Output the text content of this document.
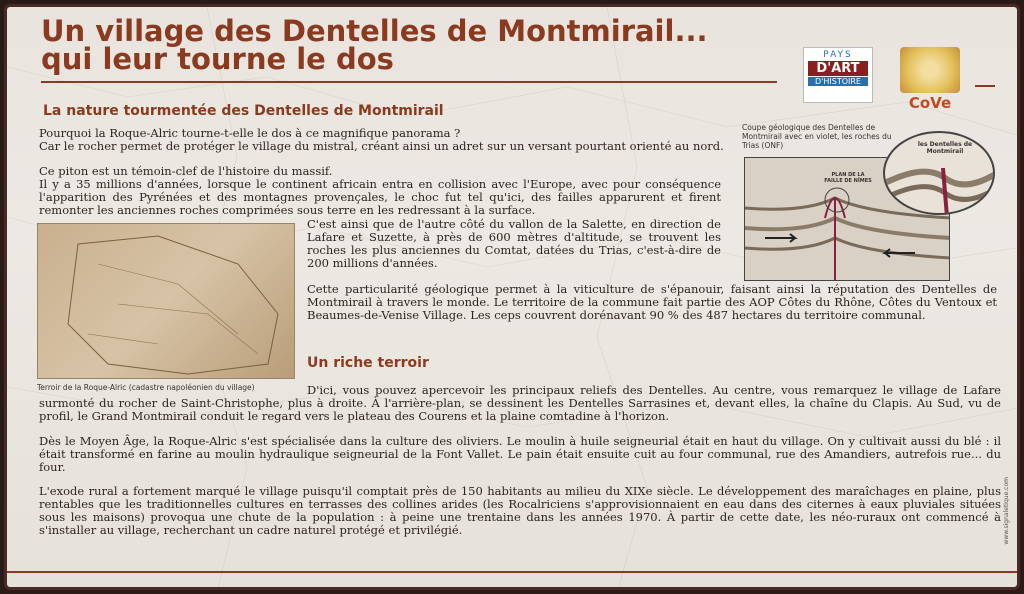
Un village des Dentelles de Montmirail...
qui leur tourne le dos	PAYS
D'ART
D'HISTOIRE
CoVe
La nature tourmentée des Dentelles de Montmirail
Pourquoi la Roque-Alric tourne-t-elle le dos à ce magnifique panorama ?
Car le rocher permet de protéger le village du mistral, créant ainsi un adret sur un versant pourtant orienté au nord.
Ce piton est un témoin-clef de l'histoire du massif.
Il y a 35 millions d'années, lorsque le continent africain entra en collision avec l'Europe, avec pour conséquence l'apparition des Pyrénées et des montagnes provençales, le choc fut tel qu'ici, des failles apparurent et firent remonter les anciennes roches comprimées sous terre en les redressant à la surface.
C'est ainsi que de l'autre côté du vallon de la Salette, en direction de Lafare et Suzette, à près de 600 mètres d'altitude, se trouvent les roches les plus anciennes du Comtat, datées du Trias, c'est-à-dire de 200 millions d'années.
Cette particularité géologique permet à la viticulture de s'épanouir, faisant ainsi la réputation des Dentelles de Montmirail à travers le monde. Le territoire de la commune fait partie des AOP Côtes du Rhône, Côtes du Ventoux et Beaumes-de-Venise Village. Les ceps couvrent dorénavant 90 % des 487 hectares du territoire communal.
Terroir de la Roque-Alric (cadastre napoléonien du village)
Coupe géologique des Dentelles de Montmirail avec en violet, les roches du Trias (ONF)
PLAN DE LA FAILLE DE NÎMES
les Dentelles de Montmirail
Un riche terroir
D'ici, vous pouvez apercevoir les principaux reliefs des Dentelles. Au centre, vous remarquez le village de Lafare surmonté du rocher de Saint-Christophe, plus à droite. À l'arrière-plan, se dessinent les Dentelles Sarrasines et, devant elles, la chaîne du Clapis. Au Sud, vu de profil, le Grand Montmirail conduit le regard vers le plateau des Courens et la plaine comtadine à l'horizon.
Dès le Moyen Âge, la Roque-Alric s'est spécialisée dans la culture des oliviers. Le moulin à huile seigneurial était en haut du village. On y cultivait aussi du blé : il était transformé en farine au moulin hydraulique seigneurial de la Font Vallet. Le pain était ensuite cuit au four communal, rue des Amandiers, autrefois rue... du four.
L'exode rural a fortement marqué le village puisqu'il comptait près de 150 habitants au milieu du XIXe siècle. Le développement des maraîchages en plaine, plus rentables que les traditionnelles cultures en terrasses des collines arides (les Rocalriciens s'approvisionnaient en eau dans des citernes à eaux pluviales situées sous les maisons) provoqua une chute de la population : à peine une trentaine dans les années 1970. À partir de cette date, les néo-ruraux ont commencé à s'installer au village, recherchant un cadre naturel protégé et privilégié.	www.signaletique.com
